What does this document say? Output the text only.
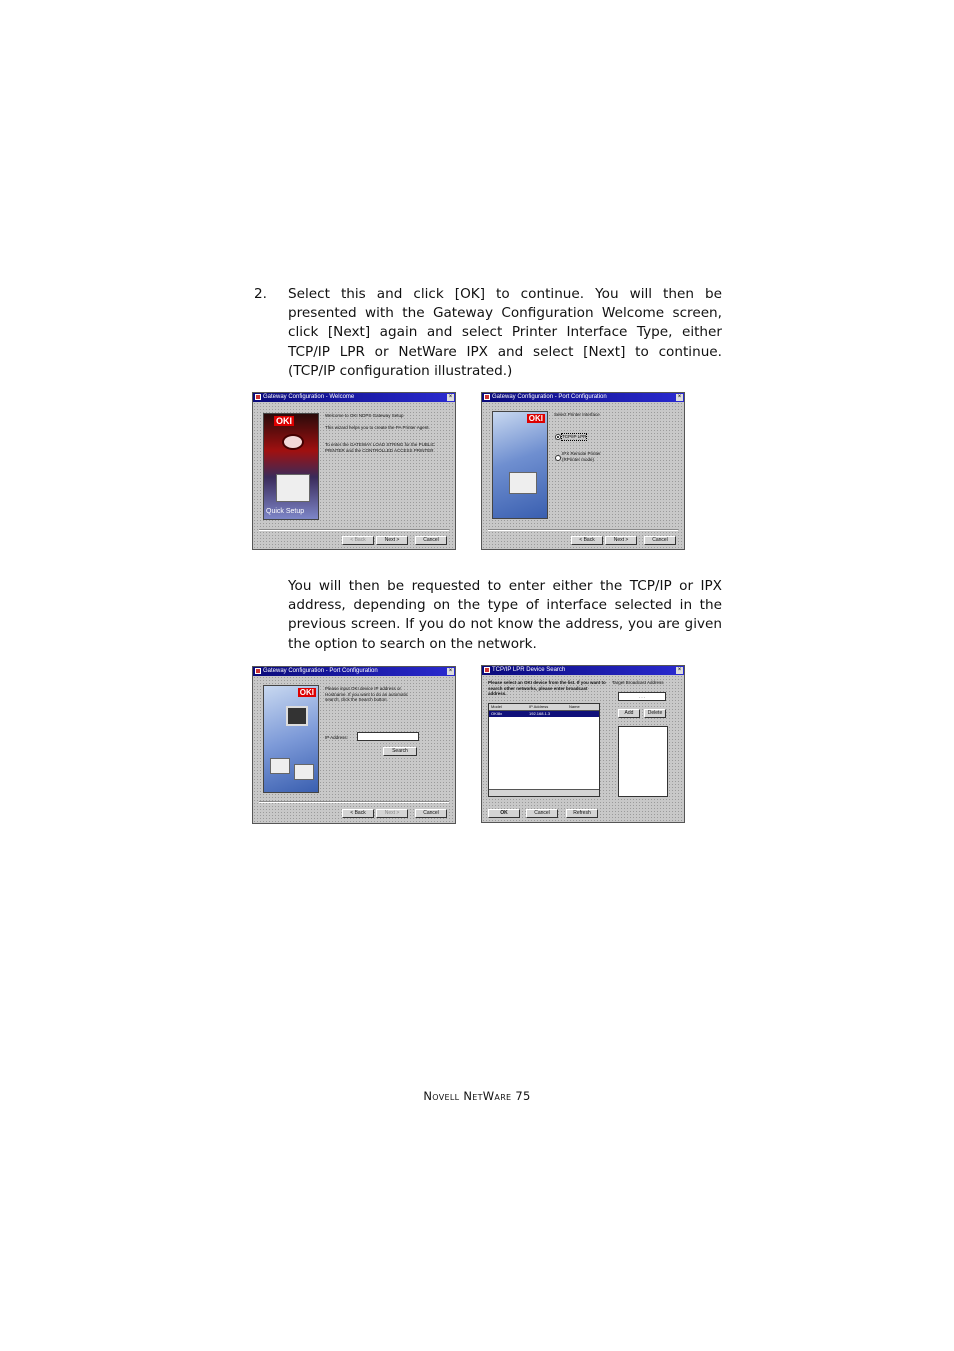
2. Select this and click [OK] to continue. You will then be presented with the Gateway Configuration Welcome screen, click [Next] again and select Printer Interface Type, either TCP/IP LPR or NetWare IPX and select [Next] to continue. (TCP/IP configuration illustrated.)

Gateway Configuration - Welcome	×
OKI
Quick Setup
Welcome to OKI NDPS Gateway Setup
This wizard helps you to create the PA Printer Agent.
To enter the GATEWAY LOAD STRING for the PUBLIC PRINTER and the CONTROLLED ACCESS PRINTER
< Back	Next >	Cancel
Gateway Configuration - Port Configuration	×
OKI	Select Printer Interface
TCP/IP LPR
IPX Remote Printer (RPrinter mode)
< Back	Next >	Cancel

You will then be requested to enter either the TCP/IP or IPX address, depending on the type of interface selected in the previous screen. If you do not know the address, you are given the option to search on the network.

Gateway Configuration - Port Configuration	×
OKI	Please input OKI device IP address or Hostname. If you want to do an automatic search, click the Search button.
IP Address:
Search
< Back	Next >	Cancel
TCP/IP LPR Device Search	×
Please select an OKI device from the list. If you want to search other networks, please enter broadcast address.
Model	IP Address	Name
OKI8x	192.168.1.3
Target Broadcast Address
. . .
Add	Delete
OK	Cancel	Refresh
Novell NetWare 75
